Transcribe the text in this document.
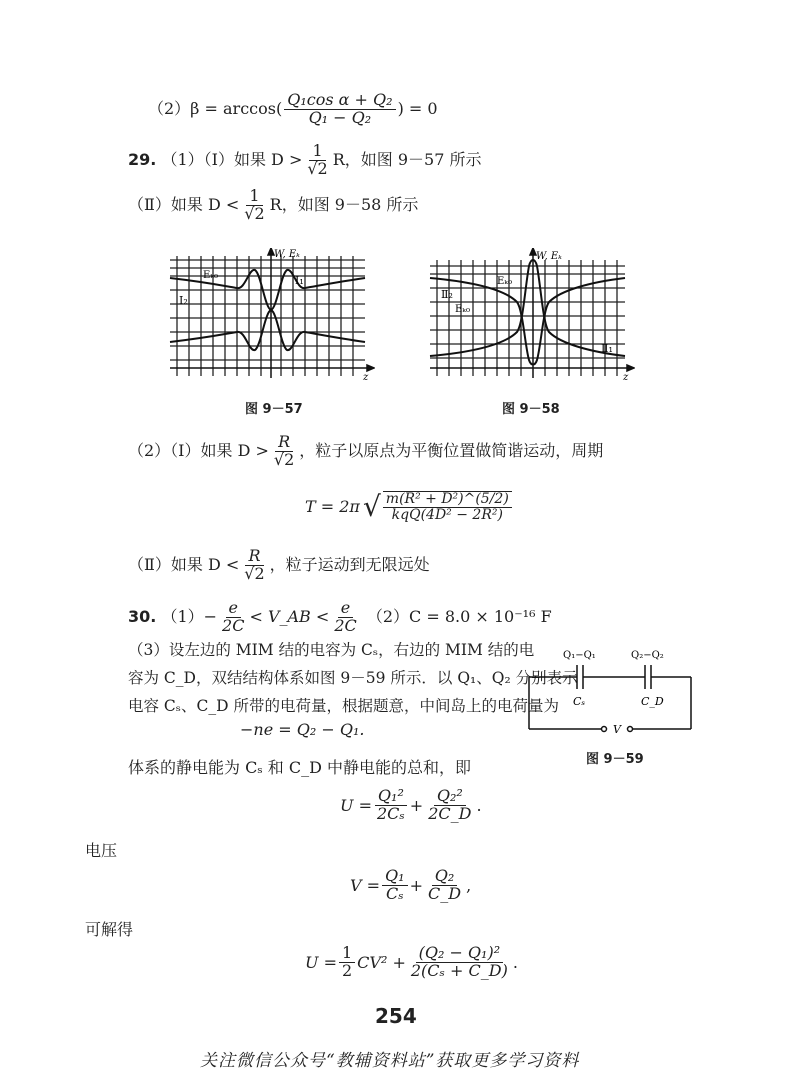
$(2)\beta = \arccos( \frac{\text{Q₁cos α + Q₂}}{\text{Q₁ − Q₂}}$ ) = 0
29. （1）（Ⅰ）如果 $D > \frac{1}{√2}$ R，如图 9－57 所示
（Ⅱ）如果 $D < \frac{1}{√2}$ R，如图 9－58 所示
Eₖ₀	I₁
I₂
W, Eₖ
z
图 9－57
Eₖ₀
Eₖ₀
Ⅱ₂
Ⅱ₁
W, Eₖ
z
图 9－58
（2）（Ⅰ）如果 $D > \frac{R}{√2}$ ，粒子以原点为平衡位置做简谐运动，周期
T = 2π √ $\frac{\text{m(R² + D²)\textasciicircum{}(5/2)}}{\text{kqQ(4D² − 2R²)}}$
（Ⅱ）如果 $D < \frac{R}{√2}$ ，粒子运动到无限远处
30. $(1)- \frac{e}{2C}$ < V_AB < $\frac{e}{2C} (2)C = 8.0 \times 10^{-16}$ F
（3）设左边的 MIM 结的电容为 Cₛ，右边的 MIM 结的电
容为 C_D，双结结构体系如图 9－59 所示．以 Q₁、Q₂ 分别表示
电容 Cₛ、C_D 所带的电荷量，根据题意，中间岛上的电荷量为
−ne = Q₂ − Q₁.
Q₁−Q₁
Cₛ
Q₂−Q₂
C_D
V
图 9－59
体系的静电能为 Cₛ 和 C_D 中静电能的总和，即
$U = \frac{\text{Q₁²}}{\text{2Cₛ}} + \frac{\text{Q₂²}}{2C\_D}$ .
电压
$V = \frac{\text{Q₁}}{\text{Cₛ}} + \frac{\text{Q₂}}{C\_D}$ ,
可解得
$U = \frac{1}{2} CV^2 + \frac{\text{(Q₂ − Q₁)²}}{\text{2(Cₛ + C\_D)}}$ .
254
关注微信公众号“教辅资料站”获取更多学习资料
